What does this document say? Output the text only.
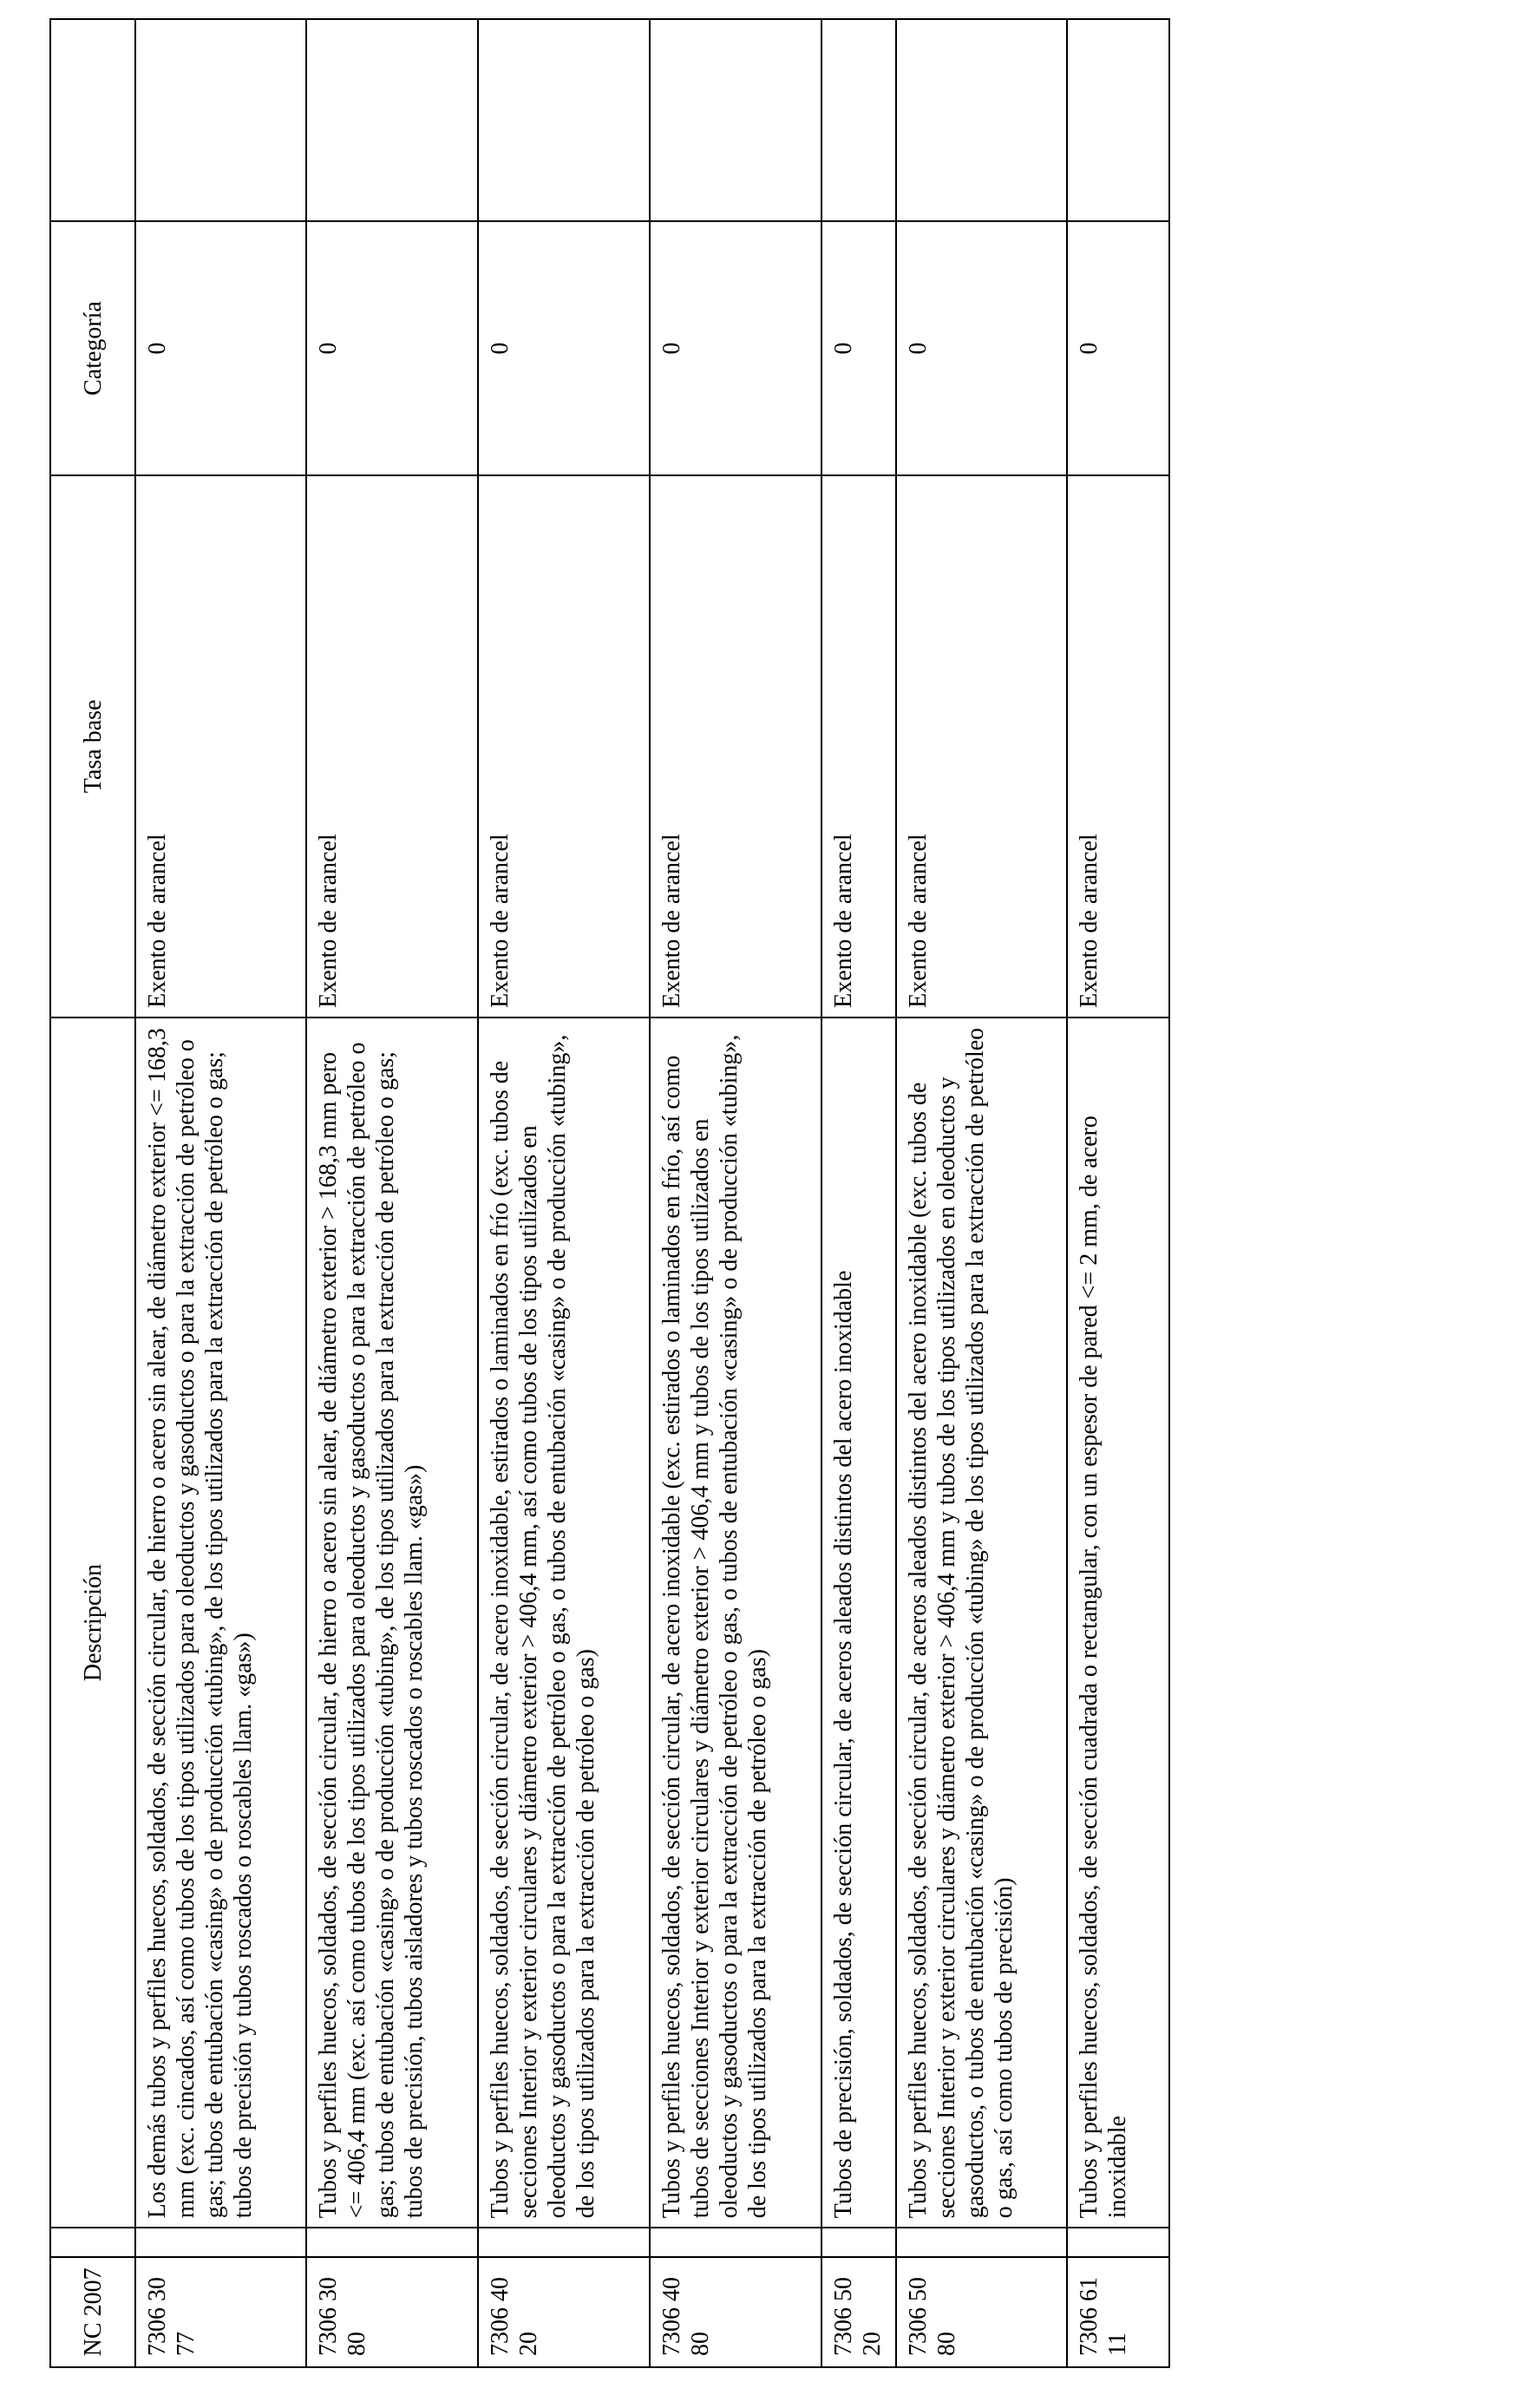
NC 2007		Descripción	Tasa base	Categoría	
7306 30 77		Los demás tubos y perfiles huecos, soldados, de sección circular, de hierro o acero sin alear, de diámetro exterior <= 168,3 mm (exc. cincados, así como tubos de los tipos utilizados para oleoductos y gasoductos o para la extracción de petróleo o gas; tubos de entubación «casing» o de producción «tubing», de los tipos utilizados para la extracción de petróleo o gas; tubos de precisión y tubos roscados o roscables llam. «gas»)	Exento de arancel	0	
7306 30 80		Tubos y perfiles huecos, soldados, de sección circular, de hierro o acero sin alear, de diámetro exterior > 168,3 mm pero <= 406,4 mm (exc. así como tubos de los tipos utilizados para oleoductos y gasoductos o para la extracción de petróleo o gas; tubos de entubación «casing» o de producción «tubing», de los tipos utilizados para la extracción de petróleo o gas; tubos de precisión, tubos aisladores y tubos roscados o roscables llam. «gas»)	Exento de arancel	0	
7306 40 20		Tubos y perfiles huecos, soldados, de sección circular, de acero inoxidable, estirados o laminados en frío (exc. tubos de secciones Interior y exterior circulares y diámetro exterior > 406,4 mm, así como tubos de los tipos utilizados en oleoductos y gasoductos o para la extracción de petróleo o gas, o tubos de entubación «casing» o de producción «tubing», de los tipos utilizados para la extracción de petróleo o gas)	Exento de arancel	0	
7306 40 80		Tubos y perfiles huecos, soldados, de sección circular, de acero inoxidable (exc. estirados o laminados en frío, así como tubos de secciones Interior y exterior circulares y diámetro exterior > 406,4 mm y tubos de los tipos utilizados en oleoductos y gasoductos o para la extracción de petróleo o gas, o tubos de entubación «casing» o de producción «tubing», de los tipos utilizados para la extracción de petróleo o gas)	Exento de arancel	0	
7306 50 20		Tubos de precisión, soldados, de sección circular, de aceros aleados distintos del acero inoxidable	Exento de arancel	0	
7306 50 80		Tubos y perfiles huecos, soldados, de sección circular, de aceros aleados distintos del acero inoxidable (exc. tubos de secciones Interior y exterior circulares y diámetro exterior > 406,4 mm y tubos de los tipos utilizados en oleoductos y gasoductos, o tubos de entubación «casing» o de producción «tubing» de los tipos utilizados para la extracción de petróleo o gas, así como tubos de precisión)	Exento de arancel	0	
7306 61 11		Tubos y perfiles huecos, soldados, de sección cuadrada o rectangular, con un espesor de pared <= 2 mm, de acero inoxidable	Exento de arancel	0	
